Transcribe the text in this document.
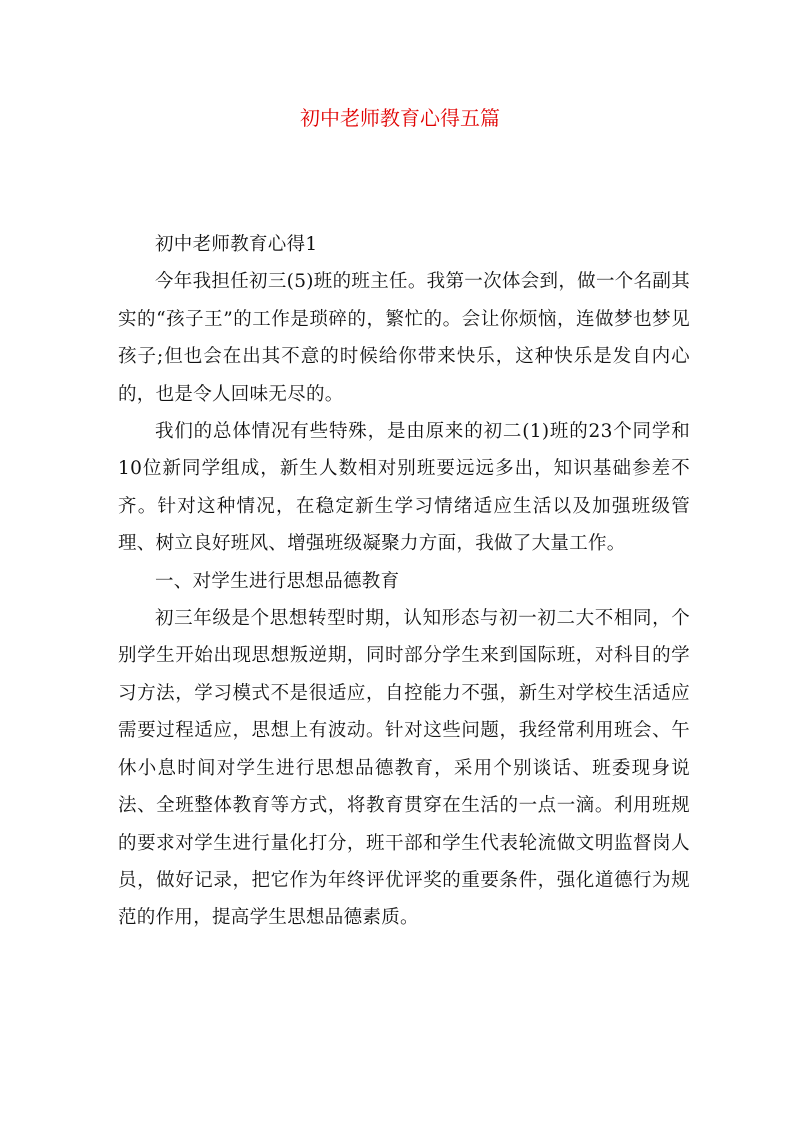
初中老师教育心得五篇

初中老师教育心得1

今年我担任初三(5)班的班主任。我第一次体会到，做一个名副其实的“孩子王”的工作是琐碎的，繁忙的。会让你烦恼，连做梦也梦见孩子;但也会在出其不意的时候给你带来快乐，这种快乐是发自内心的，也是令人回味无尽的。

我们的总体情况有些特殊，是由原来的初二(1)班的23个同学和10位新同学组成，新生人数相对别班要远远多出，知识基础参差不齐。针对这种情况，在稳定新生学习情绪适应生活以及加强班级管理、树立良好班风、增强班级凝聚力方面，我做了大量工作。

一、对学生进行思想品德教育

初三年级是个思想转型时期，认知形态与初一初二大不相同，个别学生开始出现思想叛逆期，同时部分学生来到国际班，对科目的学习方法，学习模式不是很适应，自控能力不强，新生对学校生活适应需要过程适应，思想上有波动。针对这些问题，我经常利用班会、午休小息时间对学生进行思想品德教育，采用个别谈话、班委现身说法、全班整体教育等方式，将教育贯穿在生活的一点一滴。利用班规的要求对学生进行量化打分，班干部和学生代表轮流做文明监督岗人员，做好记录，把它作为年终评优评奖的重要条件，强化道德行为规范的作用，提高学生思想品德素质。
